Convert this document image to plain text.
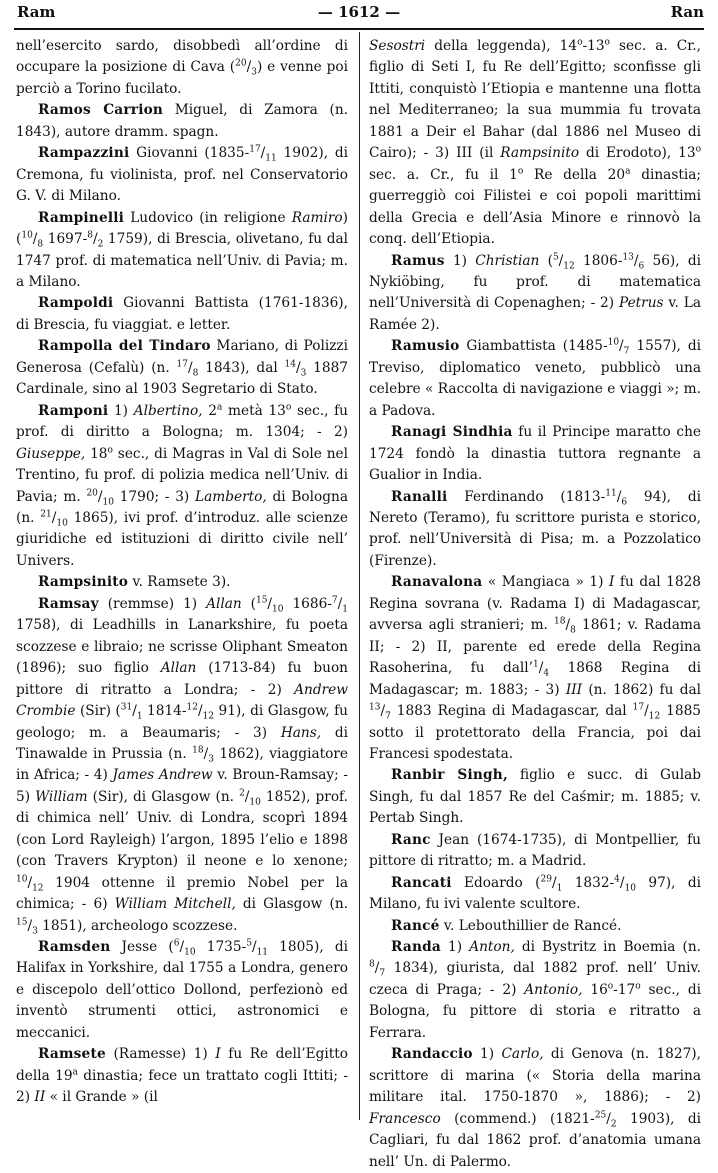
Ram	— 1612 —	Ran

nell’esercito sardo, disobbedì all’ordine di occupare la posizione di Cava $(^{20}/_3)$ e venne poi perciò a Torino fucilato.

Ramos Carrion Miguel, di Zamora (n. 1843), autore dramm. spagn.

Rampazzini Giovanni ($1835-^{17}/_{11}$ 1902), di Cremona, fu violinista, prof. nel Conservatorio G. V. di Milano.

Rampinelli Ludovico (in religione Ramiro) ($^{10}/_8$ $1697-^8/_2$ 1759), di Brescia, olivetano, fu dal 1747 prof. di matematica nell’Univ. di Pavia; m. a Milano.

Rampoldi Giovanni Battista (1761-1836), di Brescia, fu viaggiat. e letter.

Rampolla del Tindaro Mariano, di Polizzi Generosa (Cefalù) (n. $^{17}/_8$ 1843), dal $^{14}/_3$ 1887 Cardinale, sino al 1903 Segretario di Stato.

Ramponi 1) Albertino, 2$^a$ metà 13$^o$ sec., fu prof. di diritto a Bologna; m. 1304; - 2) Giuseppe, 18$^o$ sec., di Magras in Val di Sole nel Trentino, fu prof. di polizia medica nell’Univ. di Pavia; m. $^{20}/_{10}$ 1790; - 3) Lamberto, di Bologna (n. $^{21}/_{10}$ 1865), ivi prof. d’introduz. alle scienze giuridiche ed istituzioni di diritto civile nell’ Univers.

Rampsinito v. Ramsete 3).

Ramsay (remmse) 1) Allan ($^{15}/_{10}$ $1686-^7/_1$ 1758), di Leadhills in Lanarkshire, fu poeta scozzese e libraio; ne scrisse Oliphant Smeaton (1896); suo figlio Allan (1713-84) fu buon pittore di ritratto a Londra; - 2) Andrew Crombie (Sir) ($^{31}/_1$ $1814-^{12}/_{12}$ 91), di Glasgow, fu geologo; m. a Beaumaris; - 3) Hans, di Tinawalde in Prussia (n. $^{18}/_3$ 1862), viaggiatore in Africa; - 4) James Andrew v. Broun-Ramsay; - 5) William (Sir), di Glasgow (n. $^2/_{10}$ 1852), prof. di chimica nell’ Univ. di Londra, scoprì 1894 (con Lord Rayleigh) l’argon, 1895 l’elio e 1898 (con Travers Krypton) il neone e lo xenone; $^{10}/_{12}$ 1904 ottenne il premio Nobel per la chimica; - 6) William Mitchell, di Glasgow (n. $^{15}/_3$ 1851), archeologo scozzese.

Ramsden Jesse ($^6/_{10}$ $1735-^5/_{11}$ 1805), di Halifax in Yorkshire, dal 1755 a Londra, genero e discepolo dell’ottico Dollond, perfezionò ed inventò strumenti ottici, astronomici e meccanici.

Ramsete (Ramesse) 1) I fu Re dell’Egitto della 19$^a$ dinastia; fece un trattato cogli Ittiti; - 2) II « il Grande » (il

Sesostri della leggenda), 14$^o$-13$^o$ sec. a. Cr., figlio di Seti I, fu Re dell’Egitto; sconfisse gli Ittiti, conquistò l’Etiopia e mantenne una flotta nel Mediterraneo; la sua mummia fu trovata 1881 a Deir el Bahar (dal 1886 nel Museo di Cairo); - 3) III (il Rampsinito di Erodoto), 13$^o$ sec. a. Cr., fu il 1$^o$ Re della 20$^a$ dinastia; guerreggiò coi Filistei e coi popoli marittimi della Grecia e dell’Asia Minore e rinnovò la conq. dell’Etiopia.

Ramus 1) Christian ($^5/_{12}$ $1806-^{13}/_6$ 56), di Nykiöbing, fu prof. di matematica nell’Università di Copenaghen; - 2) Petrus v. La Ramée 2).

Ramusio Giambattista ($1485-^{10}/_7$ 1557), di Treviso, diplomatico veneto, pubblicò una celebre « Raccolta di navigazione e viaggi »; m. a Padova.

Ranagi Sindhia fu il Principe maratto che 1724 fondò la dinastia tuttora regnante a Gualior in India.

Ranalli Ferdinando ($1813-^{11}/_6$ 94), di Nereto (Teramo), fu scrittore purista e storico, prof. nell’Università di Pisa; m. a Pozzolatico (Firenze).

Ranavalona « Mangiaca » 1) I fu dal 1828 Regina sovrana (v. Radama I) di Madagascar, avversa agli stranieri; m. $^{18}/_8$ 1861; v. Radama II; - 2) II, parente ed erede della Regina Rasoherina, fu $dall’^1/_4$ 1868 Regina di Madagascar; m. 1883; - 3) III (n. 1862) fu dal $^{13}/_7$ 1883 Regina di Madagascar, dal $^{17}/_{12}$ 1885 sotto il protettorato della Francia, poi dai Francesi spodestata.

Ranbir Singh, figlio e succ. di Gulab Singh, fu dal 1857 Re del Caśmir; m. 1885; v. Pertab Singh.

Ranc Jean (1674-1735), di Montpellier, fu pittore di ritratto; m. a Madrid.

Rancati Edoardo ($^{29}/_1$ $1832-^4/_{10}$ 97), di Milano, fu ivi valente scultore.

Rancé v. Lebouthillier de Rancé.

Randa 1) Anton, di Bystritz in Boemia (n. $^8/_7$ 1834), giurista, dal 1882 prof. nell’ Univ. czeca di Praga; - 2) Antonio, 16$^o$-17$^o$ sec., di Bologna, fu pittore di storia e ritratto a Ferrara.

Randaccio 1) Carlo, di Genova (n. 1827), scrittore di marina (« Storia della marina militare ital. 1750-1870 », 1886); - 2) Francesco (commend.) ($1821-^{25}/_2$ 1903), di Cagliari, fu dal 1862 prof. d’anatomia umana nell’ Un. di Palermo.
